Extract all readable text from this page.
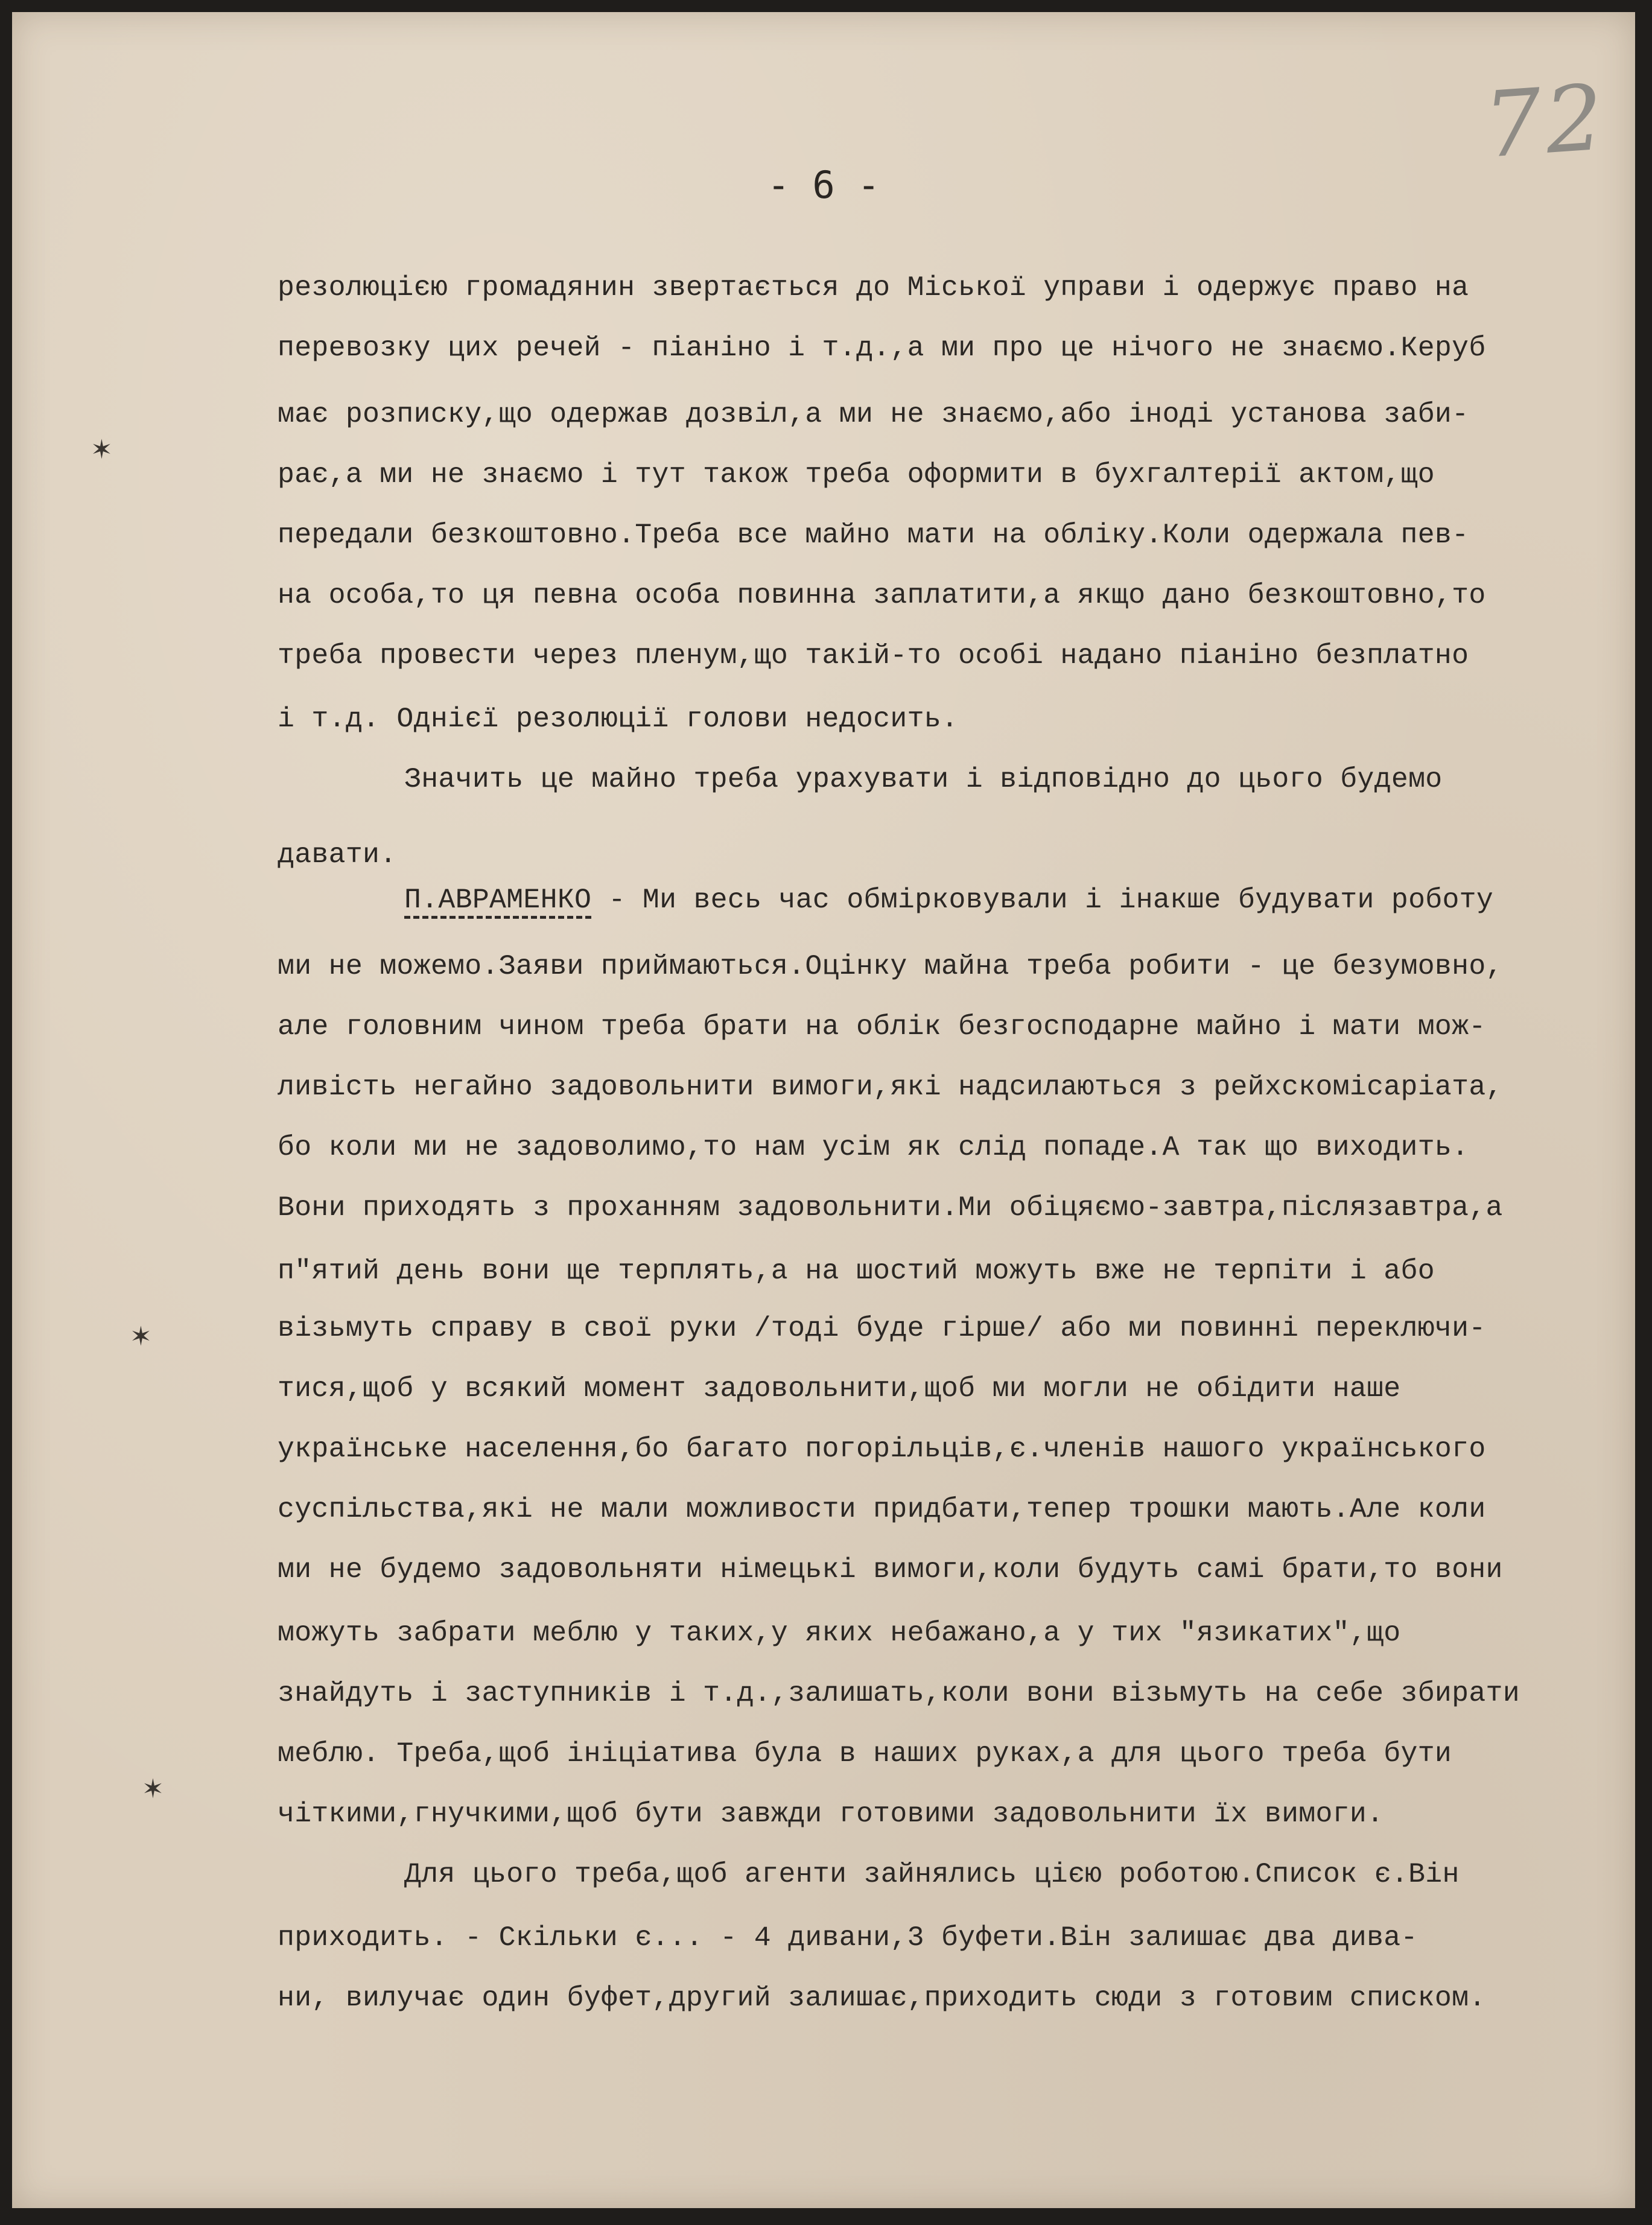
72
- 6 -
✶
✶
✶
резолюцією громадянин звертається до Міської управи і одержує право на
перевозку цих речей - піаніно і т.д.,а ми про це нічого не знаємо.Керуб
має розписку,що одержав дозвіл,а ми не знаємо,або іноді установа заби-
рає,а ми не знаємо і тут також треба оформити в бухгалтерії актом,що
передали безкоштовно.Треба все майно мати на обліку.Коли одержала пев-
на особа,то ця певна особа повинна заплатити,а якщо дано безкоштовно,то
треба провести через пленум,що такій-то особі надано піаніно безплатно
і т.д. Однієї резолюції голови недосить.
Значить це майно треба урахувати і відповідно до цього будемо
давати.
П.АВРАМЕНКО - Ми весь час обмірковували і інакше будувати роботу
ми не можемо.Заяви приймаються.Оцінку майна треба робити - це безумовно,
але головним чином треба брати на облік безгосподарне майно і мати мож-
ливість негайно задовольнити вимоги,які надсилаються з рейхскомісаріата,
бо коли ми не задоволимо,то нам усім як слід попаде.А так що виходить.
Вони приходять з проханням задовольнити.Ми обіцяємо-завтра,післязавтра,а
п"ятий день вони ще терплять,а на шостий можуть вже не терпіти і або
візьмуть справу в свої руки /тоді буде гірше/ або ми повинні переключи-
тися,щоб у всякий момент задовольнити,щоб ми могли не обідити наше
українське населення,бо багато погорільців,є.членів нашого українського
суспільства,які не мали можливости придбати,тепер трошки мають.Але коли
ми не будемо задовольняти німецькі вимоги,коли будуть самі брати,то вони
можуть забрати меблю у таких,у яких небажано,а у тих "язикатих",що
знайдуть і заступників і т.д.,залишать,коли вони візьмуть на себе збирати
меблю. Треба,щоб ініціатива була в наших руках,а для цього треба бути
чіткими,гнучкими,щоб бути завжди готовими задовольнити їх вимоги.
Для цього треба,щоб агенти зайнялись цією роботою.Список є.Він
приходить. - Скільки є... - 4 дивани,3 буфети.Він залишає два дива-
ни, вилучає один буфет,другий залишає,приходить сюди з готовим списком.
